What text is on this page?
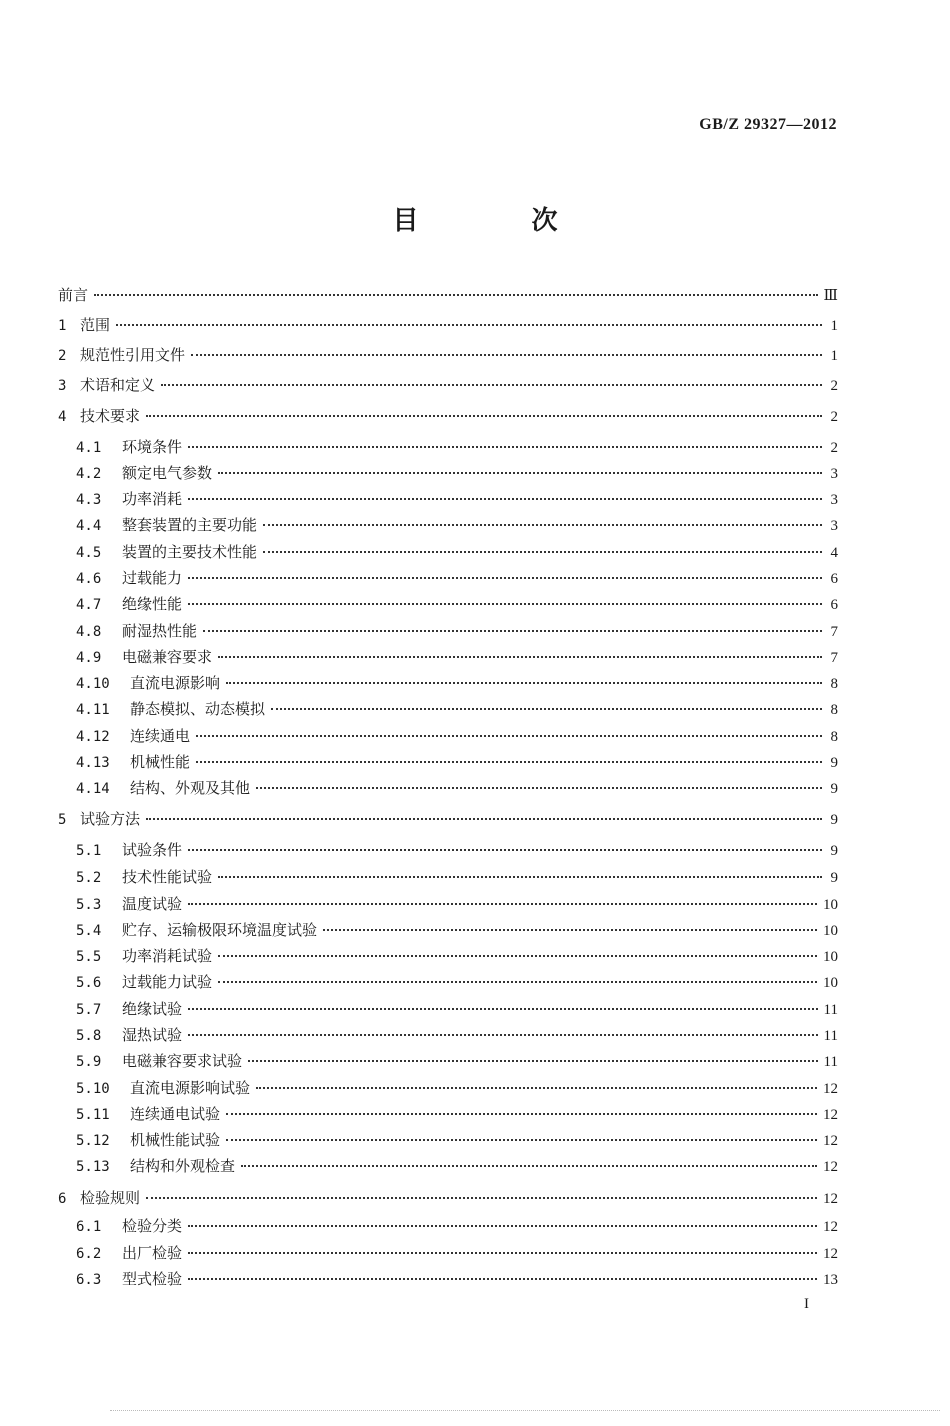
GB/Z 29327—2012
目 次
前言	Ⅲ
1 范围	1
2 规范性引用文件	1
3 术语和定义	2
4 技术要求	2
4.1	环境条件	2
4.2	额定电气参数	3
4.3	功率消耗	3
4.4	整套装置的主要功能	3
4.5	装置的主要技术性能	4
4.6	过载能力	6
4.7	绝缘性能	6
4.8	耐湿热性能	7
4.9	电磁兼容要求	7
4.10	直流电源影响	8
4.11	静态模拟、动态模拟	8
4.12	连续通电	8
4.13	机械性能	9
4.14	结构、外观及其他	9
5 试验方法	9
5.1	试验条件	9
5.2	技术性能试验	9
5.3	温度试验	10
5.4	贮存、运输极限环境温度试验	10
5.5	功率消耗试验	10
5.6	过载能力试验	10
5.7	绝缘试验	11
5.8	湿热试验	11
5.9	电磁兼容要求试验	11
5.10	直流电源影响试验	12
5.11	连续通电试验	12
5.12	机械性能试验	12
5.13	结构和外观检查	12
6 检验规则	12
6.1	检验分类	12
6.2	出厂检验	12
6.3	型式检验	13
I
